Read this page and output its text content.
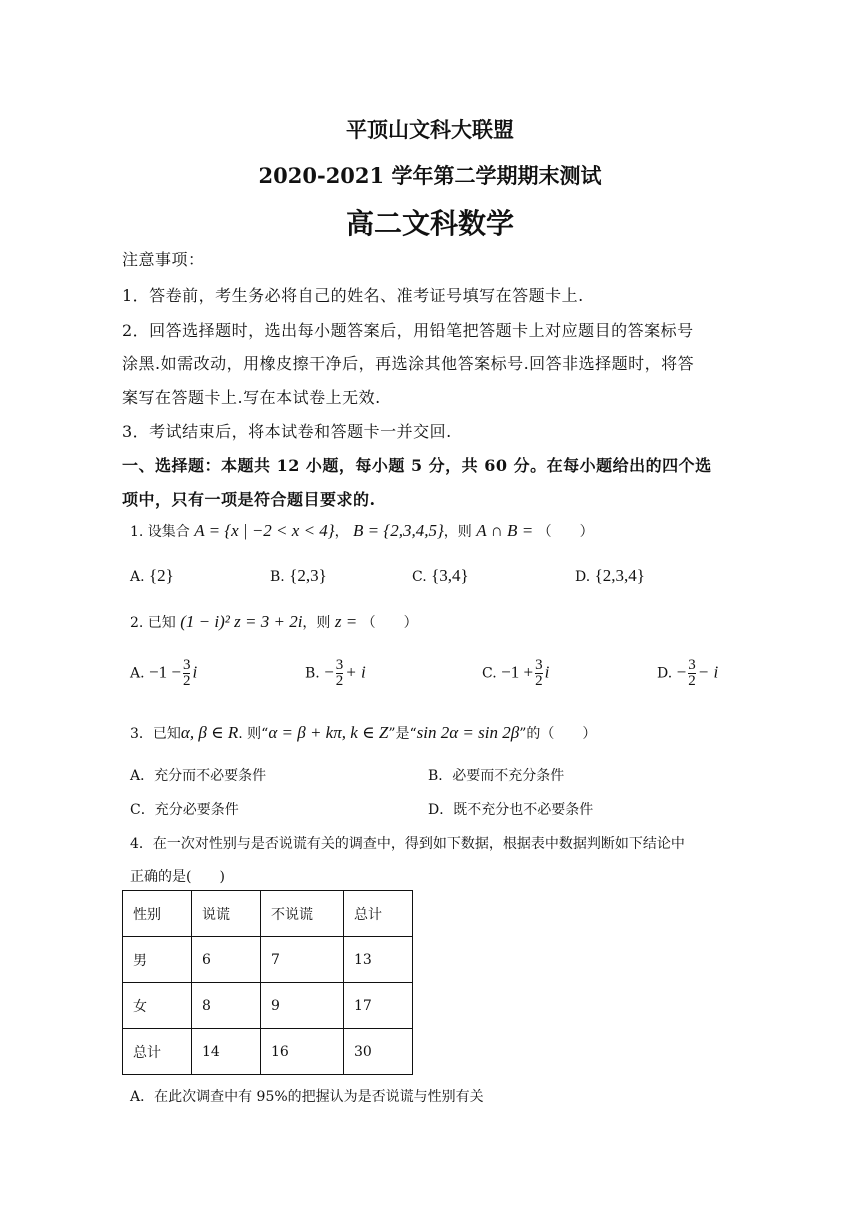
平顶山文科大联盟
2020-2021 学年第二学期期末测试
高二文科数学
注意事项：
1．答卷前，考生务必将自己的姓名、准考证号填写在答题卡上.
2．回答选择题时，选出每小题答案后，用铅笔把答题卡上对应题目的答案标号
涂黑.如需改动，用橡皮擦干净后，再选涂其他答案标号.回答非选择题时，将答
案写在答题卡上.写在本试卷上无效.
3．考试结束后，将本试卷和答题卡一并交回.
一、选择题：本题共 12 小题，每小题 5 分，共 60 分。在每小题给出的四个选
项中，只有一项是符合题目要求的.
1. 设集合 A = {x | −2 < x < 4}， B = {2,3,4,5}，则 A ∩ B = （　　）
A. {2}	B. {2,3}	C. {3,4}	D. {2,3,4}
2. 已知 (1 − i)² z = 3 + 2i，则 z = （　　）
A. $-1 - \frac{3}{2}$ i	B. − $\frac{3}{2} + i$	C. $-1 + \frac{3}{2}$ i	D. − $\frac{3}{2} - i$
3．已知α, β ∈ R. 则“α = β + kπ, k ∈ Z”是“sin 2α = sin 2β”的（　　）
A．充分而不必要条件	B．必要而不充分条件
C．充分必要条件	D．既不充分也不必要条件
4．在一次对性别与是否说谎有关的调查中，得到如下数据，根据表中数据判断如下结论中
正确的是(　　)
性别	说谎	不说谎	总计
男	6	7	13
女	8	9	17
总计	14	16	30
A．在此次调查中有 95%的把握认为是否说谎与性别有关
